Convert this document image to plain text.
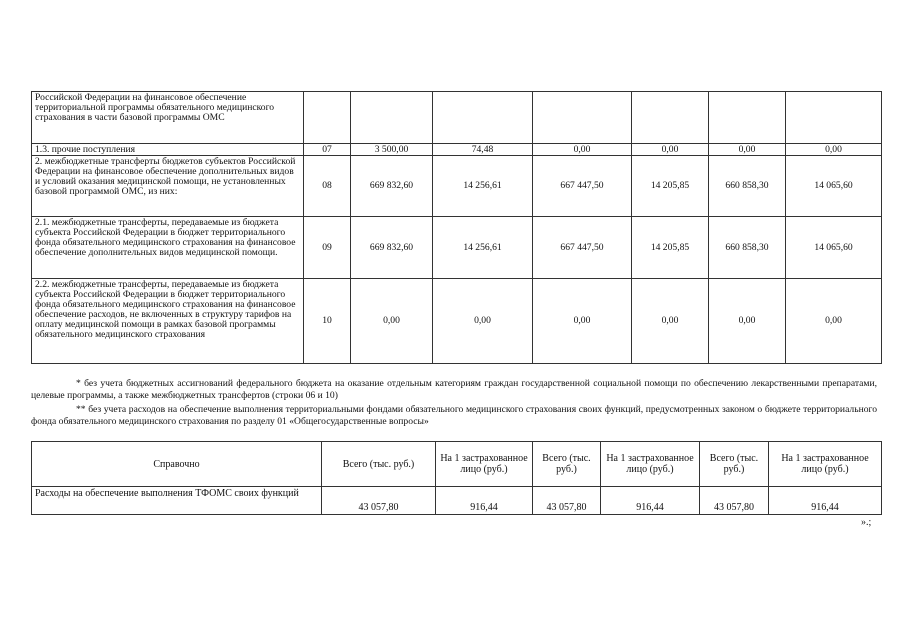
Российской Федерации на финансовое обеспечение территориальной программы обязательного медицинского страхования в части базовой программы ОМС							
1.3. прочие поступления	07	3 500,00	74,48	0,00	0,00	0,00	0,00
2. межбюджетные трансферты бюджетов субъектов Российской Федерации на финансовое обеспечение дополнительных видов и условий оказания медицинской помощи, не установленных базовой программой ОМС, из них:	08	669 832,60	14 256,61	667 447,50	14 205,85	660 858,30	14 065,60
2.1. межбюджетные трансферты, передаваемые из бюджета субъекта Российской Федерации в бюджет территориального фонда обязательного медицинского страхования на финансовое обеспечение дополнительных видов медицинской помощи.	09	669 832,60	14 256,61	667 447,50	14 205,85	660 858,30	14 065,60
2.2. межбюджетные трансферты, передаваемые из бюджета субъекта Российской Федерации в бюджет территориального фонда обязательного медицинского страхования на финансовое обеспечение расходов, не включенных в структуру тарифов на оплату медицинской помощи в рамках базовой программы обязательного медицинского страхования	10	0,00	0,00	0,00	0,00	0,00	0,00
* без учета бюджетных ассигнований федерального бюджета на оказание отдельным категориям граждан государственной социальной помощи по обеспечению лекарственными препаратами, целевые программы, а также межбюджетных трансфертов (строки 06 и 10)
** без учета расходов на обеспечение выполнения территориальными фондами обязательного медицинского страхования своих функций, предусмотренных законом о бюджете территориального фонда обязательного медицинского страхования по разделу 01 «Общегосударственные вопросы»
Справочно	Всего (тыс. руб.)	На 1 застрахованное лицо (руб.)	Всего (тыс. руб.)	На 1 застрахованное лицо (руб.)	Всего (тыс. руб.)	На 1 застрахованное лицо (руб.)
Расходы на обеспечение выполнения ТФОМС своих функций	43 057,80	916,44	43 057,80	916,44	43 057,80	916,44
».;
